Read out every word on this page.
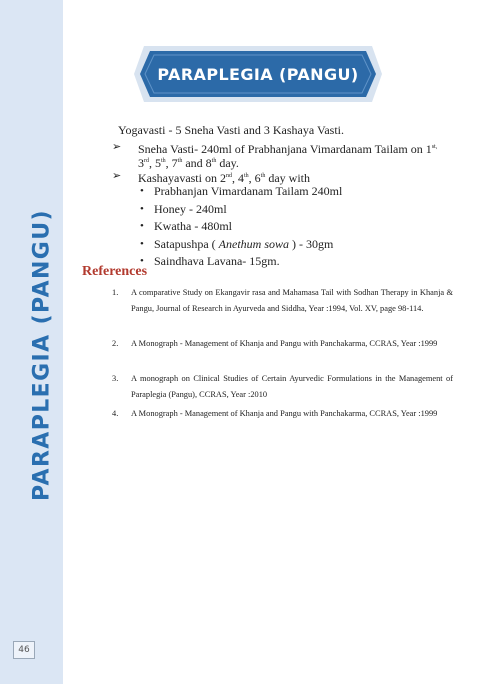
PARAPLEGIA (PANGU)
46
PARAPLEGIA (PANGU)
Yogavasti - 5 Sneha Vasti and 3 Kashaya Vasti.
➢ Sneha Vasti- 240ml of Prabhanjana Vimardanam Tailam on $1^{st,}$
3rd, 5th, 7th and 8th day.
➢ Kashayavasti on 2nd, 4th, 6th day with
• Prabhanjan Vimardanam Tailam 240ml
• Honey - 240ml
• Kwatha - 480ml
• Satapushpa ( Anethum sowa ) - 30gm
• Saindhava Lavana- 15gm.
References
1. A comparative Study on Ekangavir rasa and Mahamasa Tail with Sodhan Therapy in Khanja & Pangu, Journal of Research in Ayurveda and Siddha, Year :1994, Vol. XV, page 98-114.
2. A Monograph - Management of Khanja and Pangu with Panchakarma, CCRAS, Year :1999
3. A monograph on Clinical Studies of Certain Ayurvedic Formulations in the Management of Paraplegia (Pangu), CCRAS, Year :2010
4. A Monograph - Management of Khanja and Pangu with Panchakarma, CCRAS, Year :1999
